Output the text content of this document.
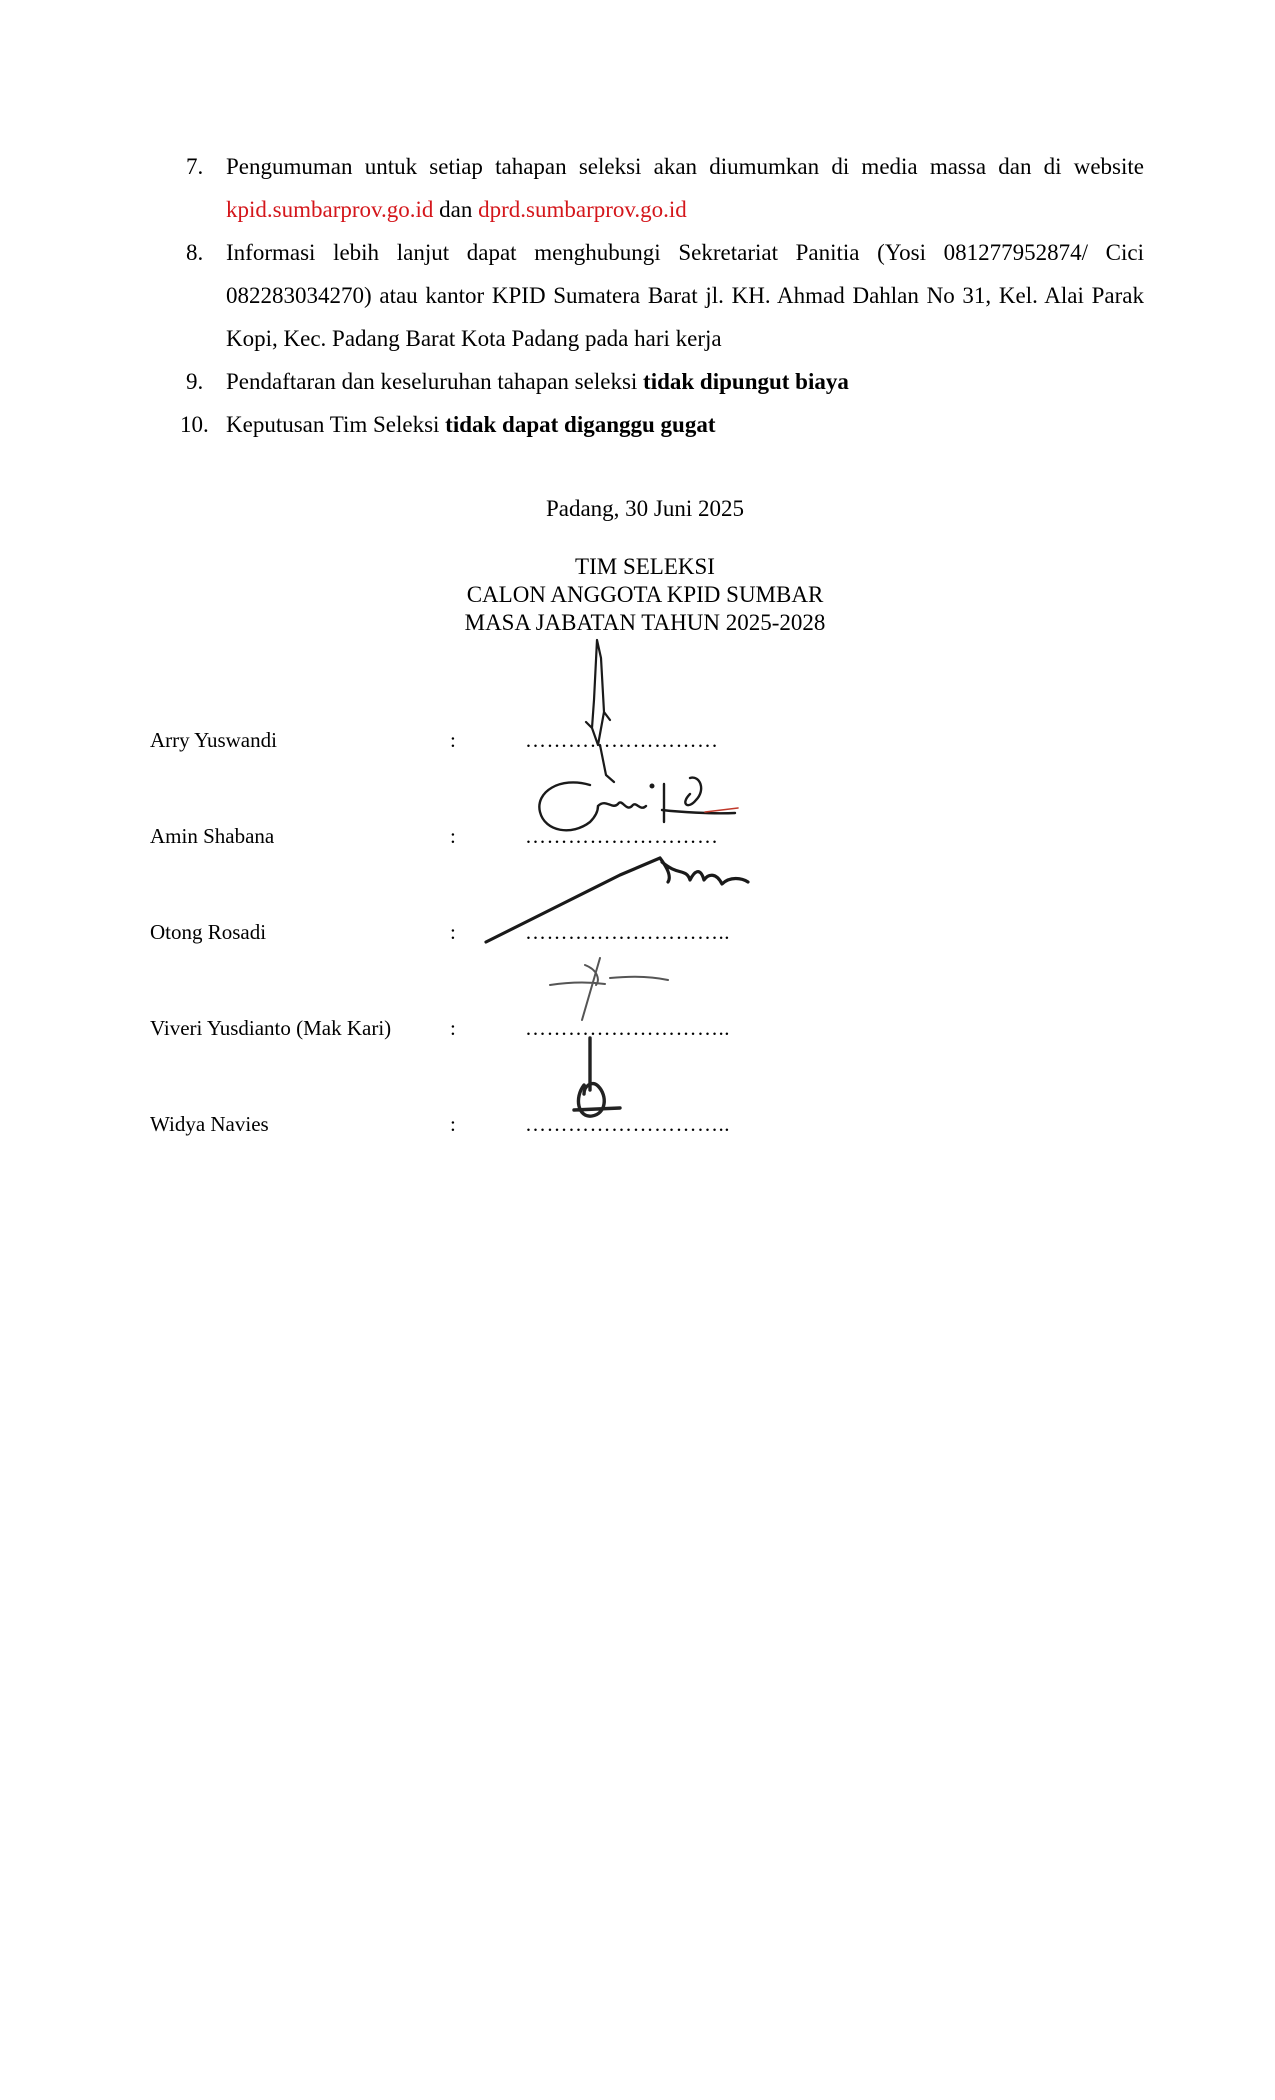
7. Pengumuman untuk setiap tahapan seleksi akan diumumkan di media massa dan di website kpid.sumbarprov.go.id dan dprd.sumbarprov.go.id

8. Informasi lebih lanjut dapat menghubungi Sekretariat Panitia (Yosi 081277952874/ Cici 082283034270) atau kantor KPID Sumatera Barat jl. KH. Ahmad Dahlan No 31, Kel. Alai Parak Kopi, Kec. Padang Barat Kota Padang pada hari kerja

9. Pendaftaran dan keseluruhan tahapan seleksi tidak dipungut biaya

10. Keputusan Tim Seleksi tidak dapat diganggu gugat

Padang, 30 Juni 2025
TIM SELEKSI
CALON ANGGOTA KPID SUMBAR
MASA JABATAN TAHUN 2025-2028
Arry Yuswandi	:	………………………
Amin Shabana	:	………………………
Otong Rosadi	:	………………………..
Viveri Yusdianto (Mak Kari)	:	………………………..
Widya Navies	:	………………………..
